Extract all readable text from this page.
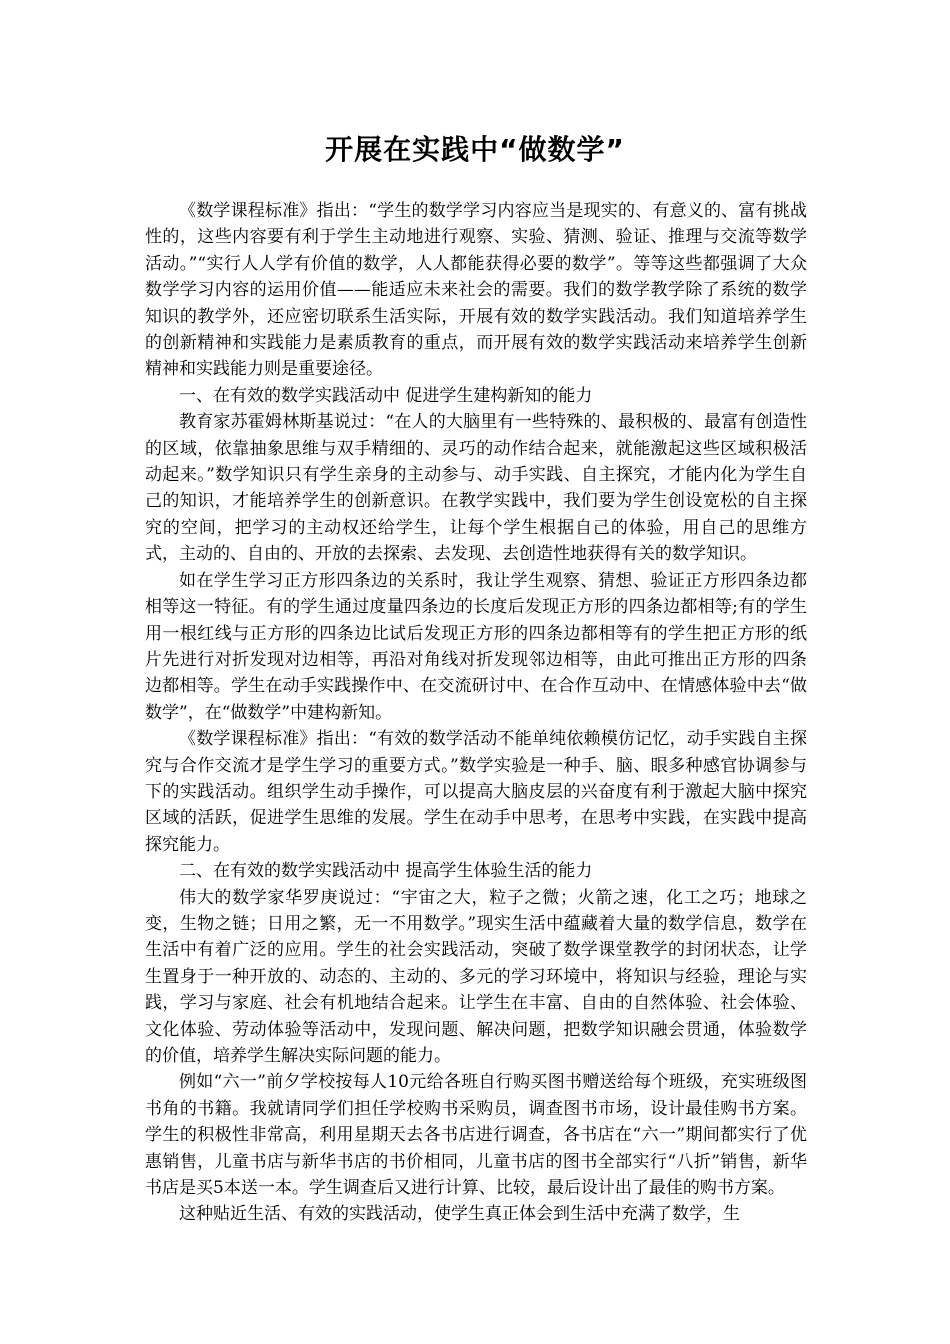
开展在实践中“做数学”

《数学课程标准》指出：“学生的数学学习内容应当是现实的、有意义的、富有挑战性的，这些内容要有利于学生主动地进行观察、实验、猜测、验证、推理与交流等数学活动。”“实行人人学有价值的数学，人人都能获得必要的数学”。等等这些都强调了大众数学学习内容的运用价值——能适应未来社会的需要。我们的数学教学除了系统的数学知识的教学外，还应密切联系生活实际，开展有效的数学实践活动。我们知道培养学生的创新精神和实践能力是素质教育的重点，而开展有效的数学实践活动来培养学生创新精神和实践能力则是重要途径。

一、在有效的数学实践活动中 促进学生建构新知的能力

教育家苏霍姆林斯基说过：“在人的大脑里有一些特殊的、最积极的、最富有创造性的区域，依靠抽象思维与双手精细的、灵巧的动作结合起来，就能激起这些区域积极活动起来。”数学知识只有学生亲身的主动参与、动手实践、自主探究，才能内化为学生自己的知识，才能培养学生的创新意识。在教学实践中，我们要为学生创设宽松的自主探究的空间，把学习的主动权还给学生，让每个学生根据自己的体验，用自己的思维方式，主动的、自由的、开放的去探索、去发现、去创造性地获得有关的数学知识。

如在学生学习正方形四条边的关系时，我让学生观察、猜想、验证正方形四条边都相等这一特征。有的学生通过度量四条边的长度后发现正方形的四条边都相等;有的学生用一根红线与正方形的四条边比试后发现正方形的四条边都相等有的学生把正方形的纸片先进行对折发现对边相等，再沿对角线对折发现邻边相等，由此可推出正方形的四条边都相等。学生在动手实践操作中、在交流研讨中、在合作互动中、在情感体验中去“做数学”，在“做数学”中建构新知。

《数学课程标准》指出：“有效的数学活动不能单纯依赖模仿记忆，动手实践自主探究与合作交流才是学生学习的重要方式。”数学实验是一种手、脑、眼多种感官协调参与下的实践活动。组织学生动手操作，可以提高大脑皮层的兴奋度有利于激起大脑中探究区域的活跃，促进学生思维的发展。学生在动手中思考，在思考中实践，在实践中提高探究能力。

二、在有效的数学实践活动中 提高学生体验生活的能力

伟大的数学家华罗庚说过：“宇宙之大，粒子之微；火箭之速，化工之巧；地球之变，生物之链；日用之繁，无一不用数学。”现实生活中蕴藏着大量的数学信息，数学在生活中有着广泛的应用。学生的社会实践活动，突破了数学课堂教学的封闭状态，让学生置身于一种开放的、动态的、主动的、多元的学习环境中，将知识与经验，理论与实践，学习与家庭、社会有机地结合起来。让学生在丰富、自由的自然体验、社会体验、文化体验、劳动体验等活动中，发现问题、解决问题，把数学知识融会贯通，体验数学的价值，培养学生解决实际问题的能力。

例如“六一”前夕学校按每人10元给各班自行购买图书赠送给每个班级，充实班级图书角的书籍。我就请同学们担任学校购书采购员，调查图书市场，设计最佳购书方案。学生的积极性非常高，利用星期天去各书店进行调查，各书店在“六一”期间都实行了优惠销售，儿童书店与新华书店的书价相同，儿童书店的图书全部实行“八折”销售，新华书店是买5本送一本。学生调查后又进行计算、比较，最后设计出了最佳的购书方案。

这种贴近生活、有效的实践活动，使学生真正体会到生活中充满了数学，生
